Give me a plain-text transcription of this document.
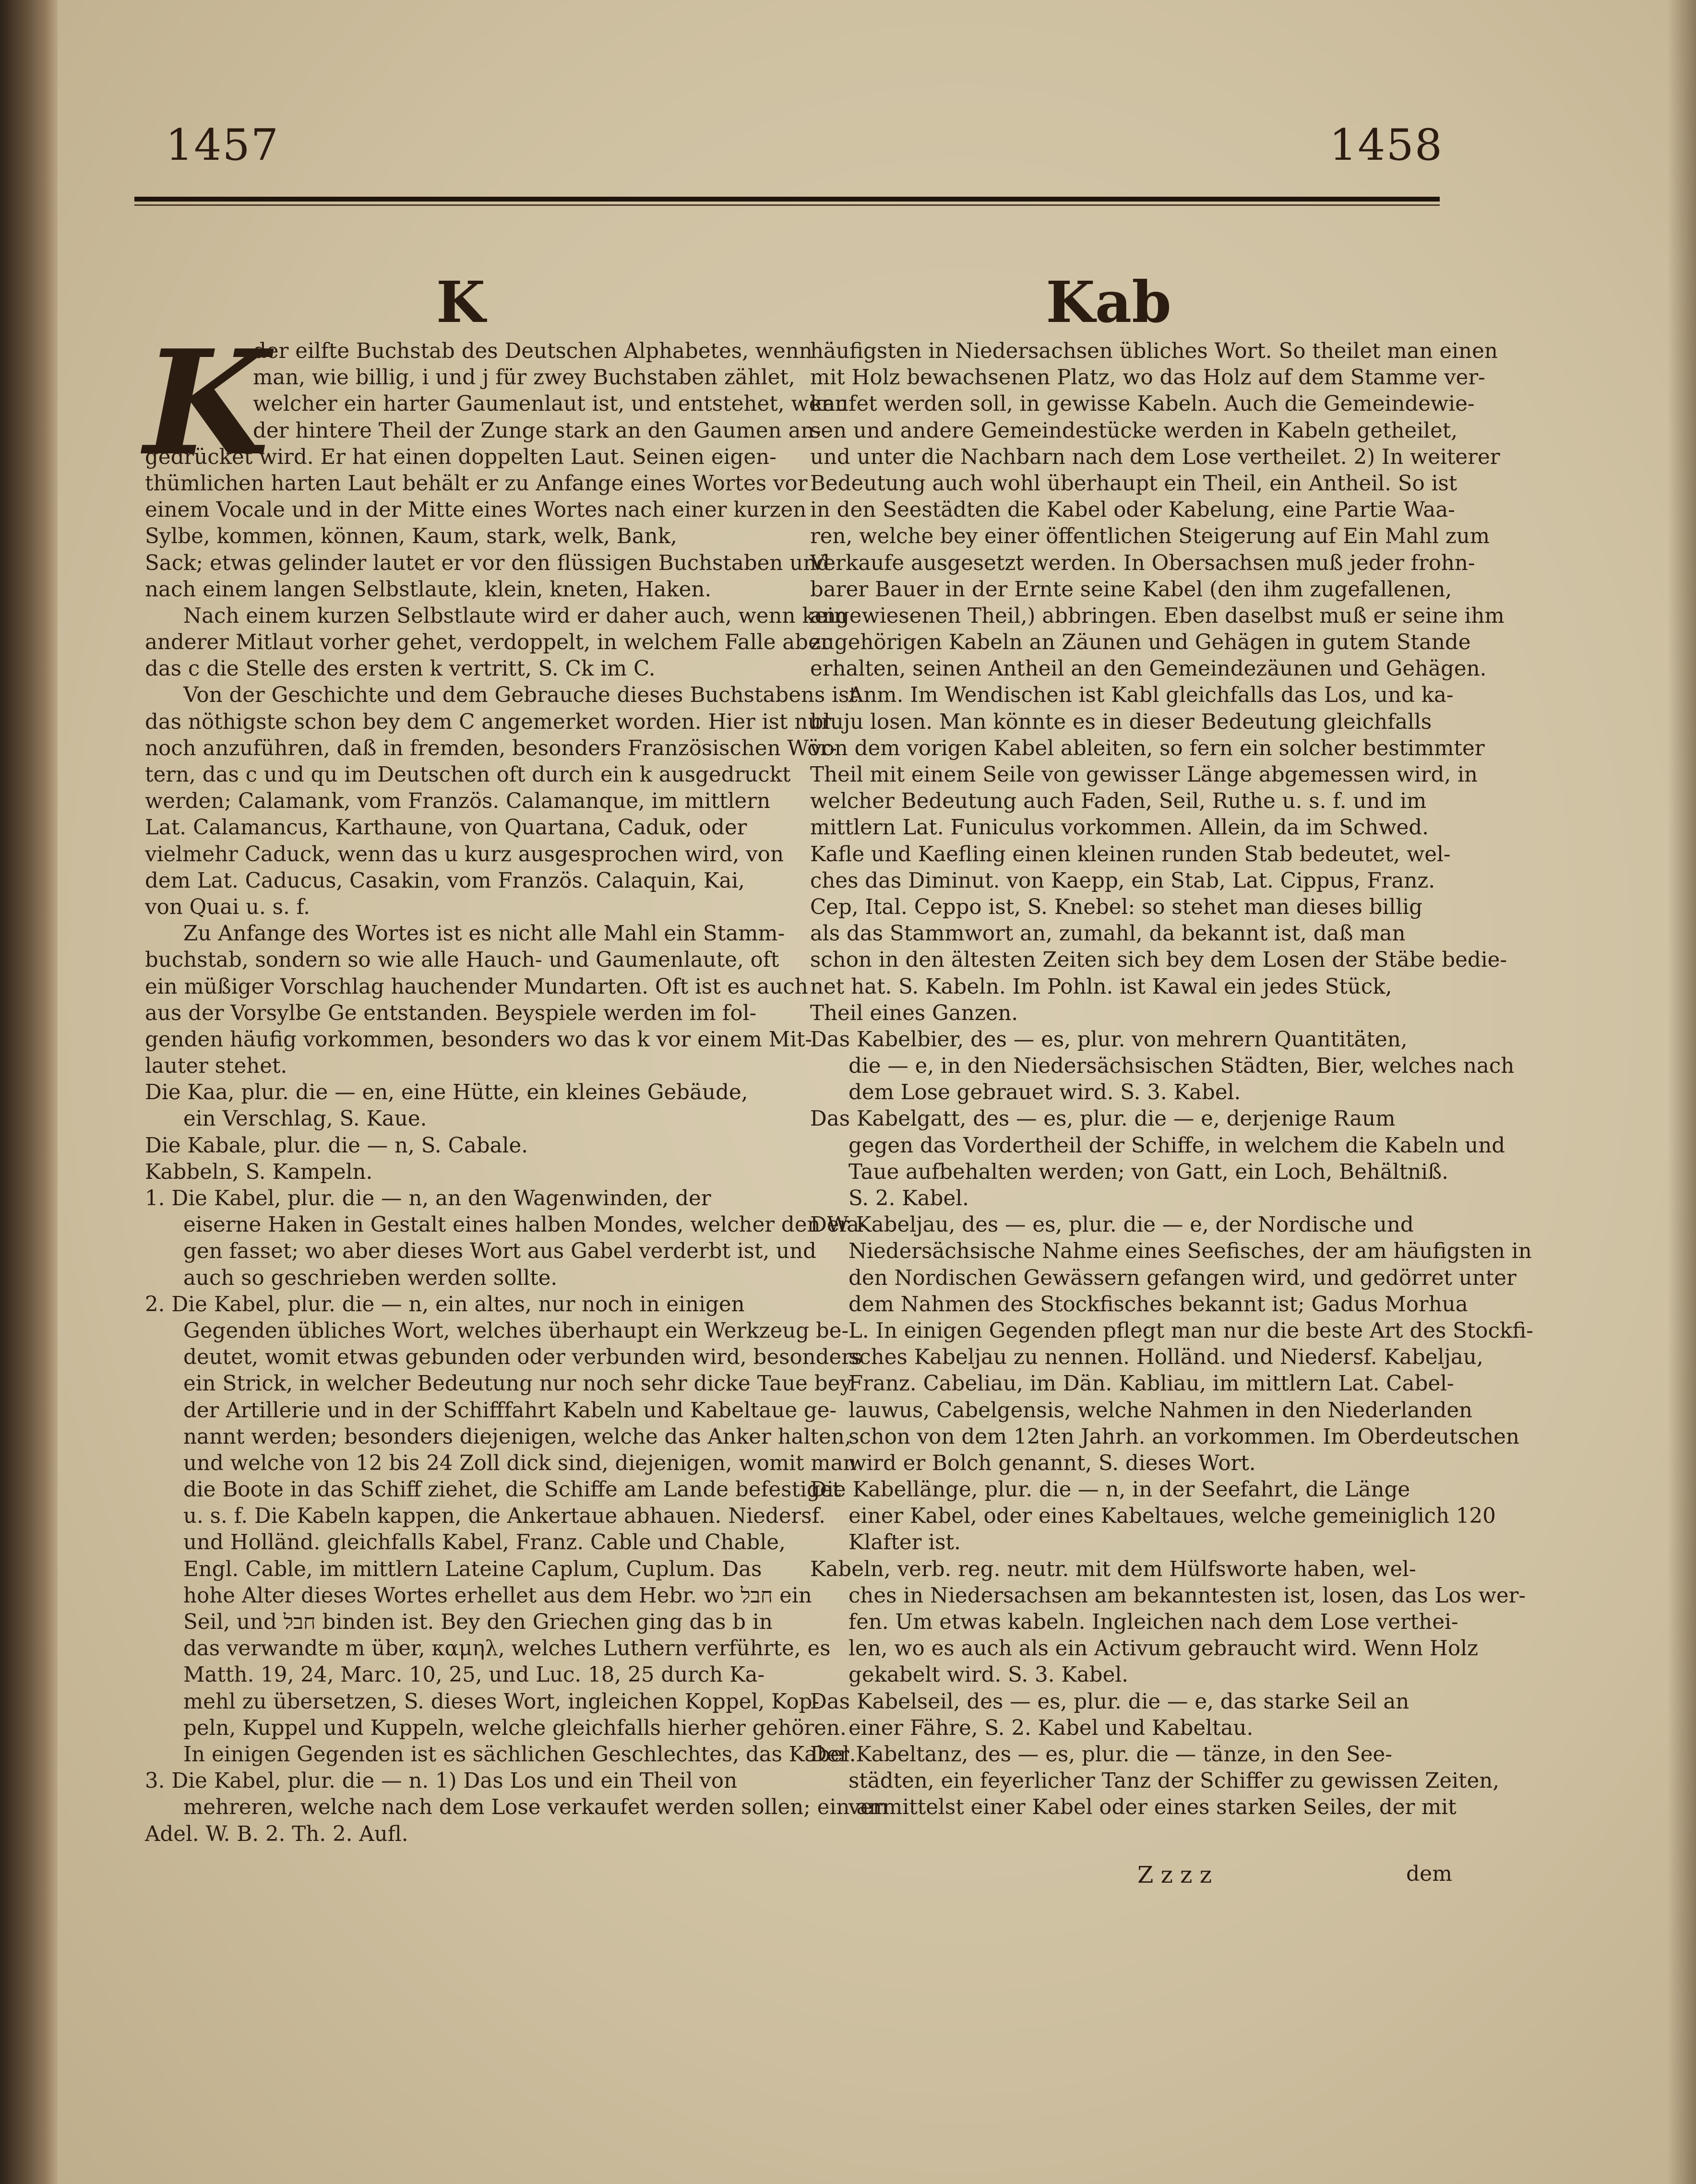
1457	1458
K	Kab
K
der eilfte Buchstab des Deutschen Alphabetes, wenn
man, wie billig, i und j für zwey Buchstaben zählet,
welcher ein harter Gaumenlaut ist, und entstehet, wenn
der hintere Theil der Zunge stark an den Gaumen an-
gedrücket wird. Er hat einen doppelten Laut. Seinen eigen-
thümlichen harten Laut behält er zu Anfange eines Wortes vor
einem Vocale und in der Mitte eines Wortes nach einer kurzen
Sylbe, kommen, können, Kaum, stark, welk, Bank,
Sack; etwas gelinder lautet er vor den flüssigen Buchstaben und
nach einem langen Selbstlaute, klein, kneten, Haken.
Nach einem kurzen Selbstlaute wird er daher auch, wenn kein
anderer Mitlaut vorher gehet, verdoppelt, in welchem Falle aber
das c die Stelle des ersten k vertritt, S. Ck im C.
Von der Geschichte und dem Gebrauche dieses Buchstabens ist
das nöthigste schon bey dem C angemerket worden. Hier ist nur
noch anzuführen, daß in fremden, besonders Französischen Wör-
tern, das c und qu im Deutschen oft durch ein k ausgedruckt
werden; Calamank, vom Französ. Calamanque, im mittlern
Lat. Calamancus, Karthaune, von Quartana, Caduk, oder
vielmehr Caduck, wenn das u kurz ausgesprochen wird, von
dem Lat. Caducus, Casakin, vom Französ. Calaquin, Kai,
von Quai u. s. f.
Zu Anfange des Wortes ist es nicht alle Mahl ein Stamm-
buchstab, sondern so wie alle Hauch- und Gaumenlaute, oft
ein müßiger Vorschlag hauchender Mundarten. Oft ist es auch
aus der Vorsylbe Ge entstanden. Beyspiele werden im fol-
genden häufig vorkommen, besonders wo das k vor einem Mit-
lauter stehet.
Die Kaa, plur. die — en, eine Hütte, ein kleines Gebäude,
ein Verschlag, S. Kaue.
Die Kabale, plur. die — n, S. Cabale.
Kabbeln, S. Kampeln.
1. Die Kabel, plur. die — n, an den Wagenwinden, der
eiserne Haken in Gestalt eines halben Mondes, welcher den Wa-
gen fasset; wo aber dieses Wort aus Gabel verderbt ist, und
auch so geschrieben werden sollte.
2. Die Kabel, plur. die — n, ein altes, nur noch in einigen
Gegenden übliches Wort, welches überhaupt ein Werkzeug be-
deutet, womit etwas gebunden oder verbunden wird, besonders
ein Strick, in welcher Bedeutung nur noch sehr dicke Taue bey
der Artillerie und in der Schifffahrt Kabeln und Kabeltaue ge-
nannt werden; besonders diejenigen, welche das Anker halten,
und welche von 12 bis 24 Zoll dick sind, diejenigen, womit man
die Boote in das Schiff ziehet, die Schiffe am Lande befestiget
u. s. f. Die Kabeln kappen, die Ankertaue abhauen. Niedersf.
und Holländ. gleichfalls Kabel, Franz. Cable und Chable,
Engl. Cable, im mittlern Lateine Caplum, Cuplum. Das
hohe Alter dieses Wortes erhellet aus dem Hebr. wo חבל ein
Seil, und חבל binden ist. Bey den Griechen ging das b in
das verwandte m über, καμηλ, welches Luthern verführte, es
Matth. 19, 24, Marc. 10, 25, und Luc. 18, 25 durch Ka-
mehl zu übersetzen, S. dieses Wort, ingleichen Koppel, Kop-
peln, Kuppel und Kuppeln, welche gleichfalls hierher gehören.
In einigen Gegenden ist es sächlichen Geschlechtes, das Kabel.
3. Die Kabel, plur. die — n. 1) Das Los und ein Theil von
mehreren, welche nach dem Lose verkaufet werden sollen; ein am
Adel. W. B. 2. Th. 2. Aufl.
häufigsten in Niedersachsen übliches Wort. So theilet man einen
mit Holz bewachsenen Platz, wo das Holz auf dem Stamme ver-
kaufet werden soll, in gewisse Kabeln. Auch die Gemeindewie-
sen und andere Gemeindestücke werden in Kabeln getheilet,
und unter die Nachbarn nach dem Lose vertheilet. 2) In weiterer
Bedeutung auch wohl überhaupt ein Theil, ein Antheil. So ist
in den Seestädten die Kabel oder Kabelung, eine Partie Waa-
ren, welche bey einer öffentlichen Steigerung auf Ein Mahl zum
Verkaufe ausgesetzt werden. In Obersachsen muß jeder frohn-
barer Bauer in der Ernte seine Kabel (den ihm zugefallenen,
angewiesenen Theil,) abbringen. Eben daselbst muß er seine ihm
zugehörigen Kabeln an Zäunen und Gehägen in gutem Stande
erhalten, seinen Antheil an den Gemeindezäunen und Gehägen.
Anm. Im Wendischen ist Kabl gleichfalls das Los, und ka-
bluju losen. Man könnte es in dieser Bedeutung gleichfalls
von dem vorigen Kabel ableiten, so fern ein solcher bestimmter
Theil mit einem Seile von gewisser Länge abgemessen wird, in
welcher Bedeutung auch Faden, Seil, Ruthe u. s. f. und im
mittlern Lat. Funiculus vorkommen. Allein, da im Schwed.
Kafle und Kaefling einen kleinen runden Stab bedeutet, wel-
ches das Diminut. von Kaepp, ein Stab, Lat. Cippus, Franz.
Cep, Ital. Ceppo ist, S. Knebel: so stehet man dieses billig
als das Stammwort an, zumahl, da bekannt ist, daß man
schon in den ältesten Zeiten sich bey dem Losen der Stäbe bedie-
net hat. S. Kabeln. Im Pohln. ist Kawal ein jedes Stück,
Theil eines Ganzen.
Das Kabelbier, des — es, plur. von mehrern Quantitäten,
die — e, in den Niedersächsischen Städten, Bier, welches nach
dem Lose gebrauet wird. S. 3. Kabel.
Das Kabelgatt, des — es, plur. die — e, derjenige Raum
gegen das Vordertheil der Schiffe, in welchem die Kabeln und
Taue aufbehalten werden; von Gatt, ein Loch, Behältniß.
S. 2. Kabel.
Der Kabeljau, des — es, plur. die — e, der Nordische und
Niedersächsische Nahme eines Seefisches, der am häufigsten in
den Nordischen Gewässern gefangen wird, und gedörret unter
dem Nahmen des Stockfisches bekannt ist; Gadus Morhua
L. In einigen Gegenden pflegt man nur die beste Art des Stockfi-
sches Kabeljau zu nennen. Holländ. und Niedersf. Kabeljau,
Franz. Cabeliau, im Dän. Kabliau, im mittlern Lat. Cabel-
lauwus, Cabelgensis, welche Nahmen in den Niederlanden
schon von dem 12ten Jahrh. an vorkommen. Im Oberdeutschen
wird er Bolch genannt, S. dieses Wort.
Die Kabellänge, plur. die — n, in der Seefahrt, die Länge
einer Kabel, oder eines Kabeltaues, welche gemeiniglich 120
Klafter ist.
Kabeln, verb. reg. neutr. mit dem Hülfsworte haben, wel-
ches in Niedersachsen am bekanntesten ist, losen, das Los wer-
fen. Um etwas kabeln. Ingleichen nach dem Lose verthei-
len, wo es auch als ein Activum gebraucht wird. Wenn Holz
gekabelt wird. S. 3. Kabel.
Das Kabelseil, des — es, plur. die — e, das starke Seil an
einer Fähre, S. 2. Kabel und Kabeltau.
Der Kabeltanz, des — es, plur. die — tänze, in den See-
städten, ein feyerlicher Tanz der Schiffer zu gewissen Zeiten,
vermittelst einer Kabel oder eines starken Seiles, der mit
Z z z z	dem
